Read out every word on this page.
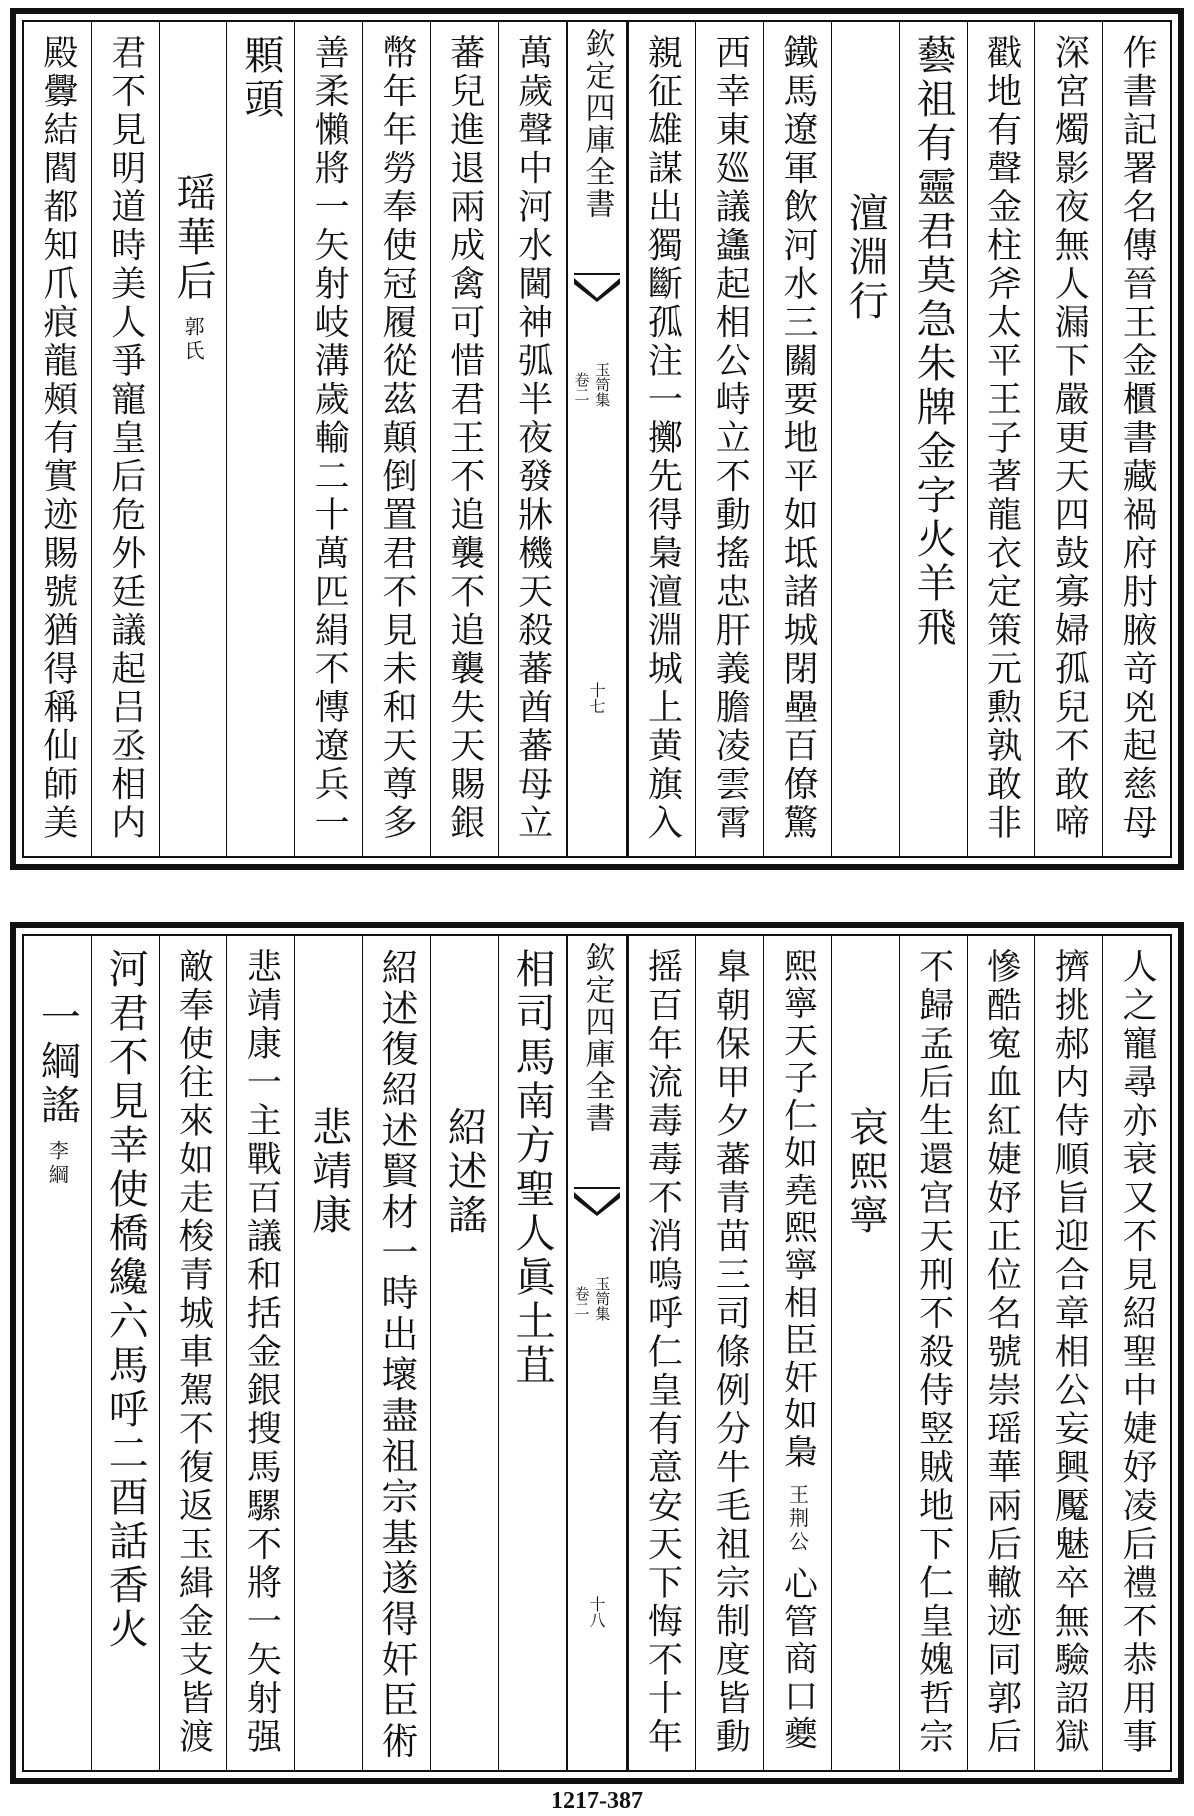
作書記署名傳晉王金櫃書藏禍府肘腋竒兇起慈母
深宮燭影夜無人漏下嚴更天四鼔寡婦孤兒不敢啼
戳地有聲金柱斧太平王子著龍衣定策元勲孰敢非
藝祖有靈君莫急朱牌金字火羊飛
澶淵行
鐵馬遼軍飲河水三關要地平如坻諸城閉壘百僚驚
西幸東廵議蠭起相公峙立不動搖忠肝義膽凌雲霄
親征雄謀出獨斷孤注一擲先得梟澶淵城上黄旗入
欽定四庫全書
玉笥集
卷二
十七
萬歲聲中河水閫神弧半夜發牀機天殺蕃酋蕃母立
蕃兒進退兩成禽可惜君王不追襲不追襲失天賜銀
幣年年勞奉使冠履從茲顛倒置君不見未和天尊多
善柔懶將一矢射岐溝歲輸二十萬匹絹不慱遼兵一
顆頭
瑶華后郭氏
君不見明道時美人爭寵皇后危外廷議起吕丞相内
殿釁結閻都知爪痕龍頰有實迹賜號猶得稱仙師美
人之寵尋亦衰又不見紹聖中婕妤凌后禮不恭用事
擠挑郝内侍順旨迎合章相公妄興魘魅卒無驗詔獄
慘酷寃血紅婕妤正位名號崇瑶華兩后轍迹同郭后
不歸孟后生還宫天刑不殺侍竪賊地下仁皇媿哲宗
哀熙寧
熙寧天子仁如堯熙寧相臣奸如梟王荆公心管商口夔
臯朝保甲夕蕃青苗三司條例分牛毛祖宗制度皆動
摇百年流毒毒不消嗚呼仁皇有意安天下悔不十年
欽定四庫全書
玉笥集
卷二
十八
相司馬南方聖人眞土苴
紹述謠
紹述復紹述賢材一時出壞盡祖宗基遂得奸臣術
悲靖康
悲靖康一主戰百議和括金銀搜馬騾不將一矢射强
敵奉使往來如走梭青城車駕不復返玉緝金支皆渡
河君不見幸使橋纔六馬呼二酉話香火
一綱謠李綱
1217-387
